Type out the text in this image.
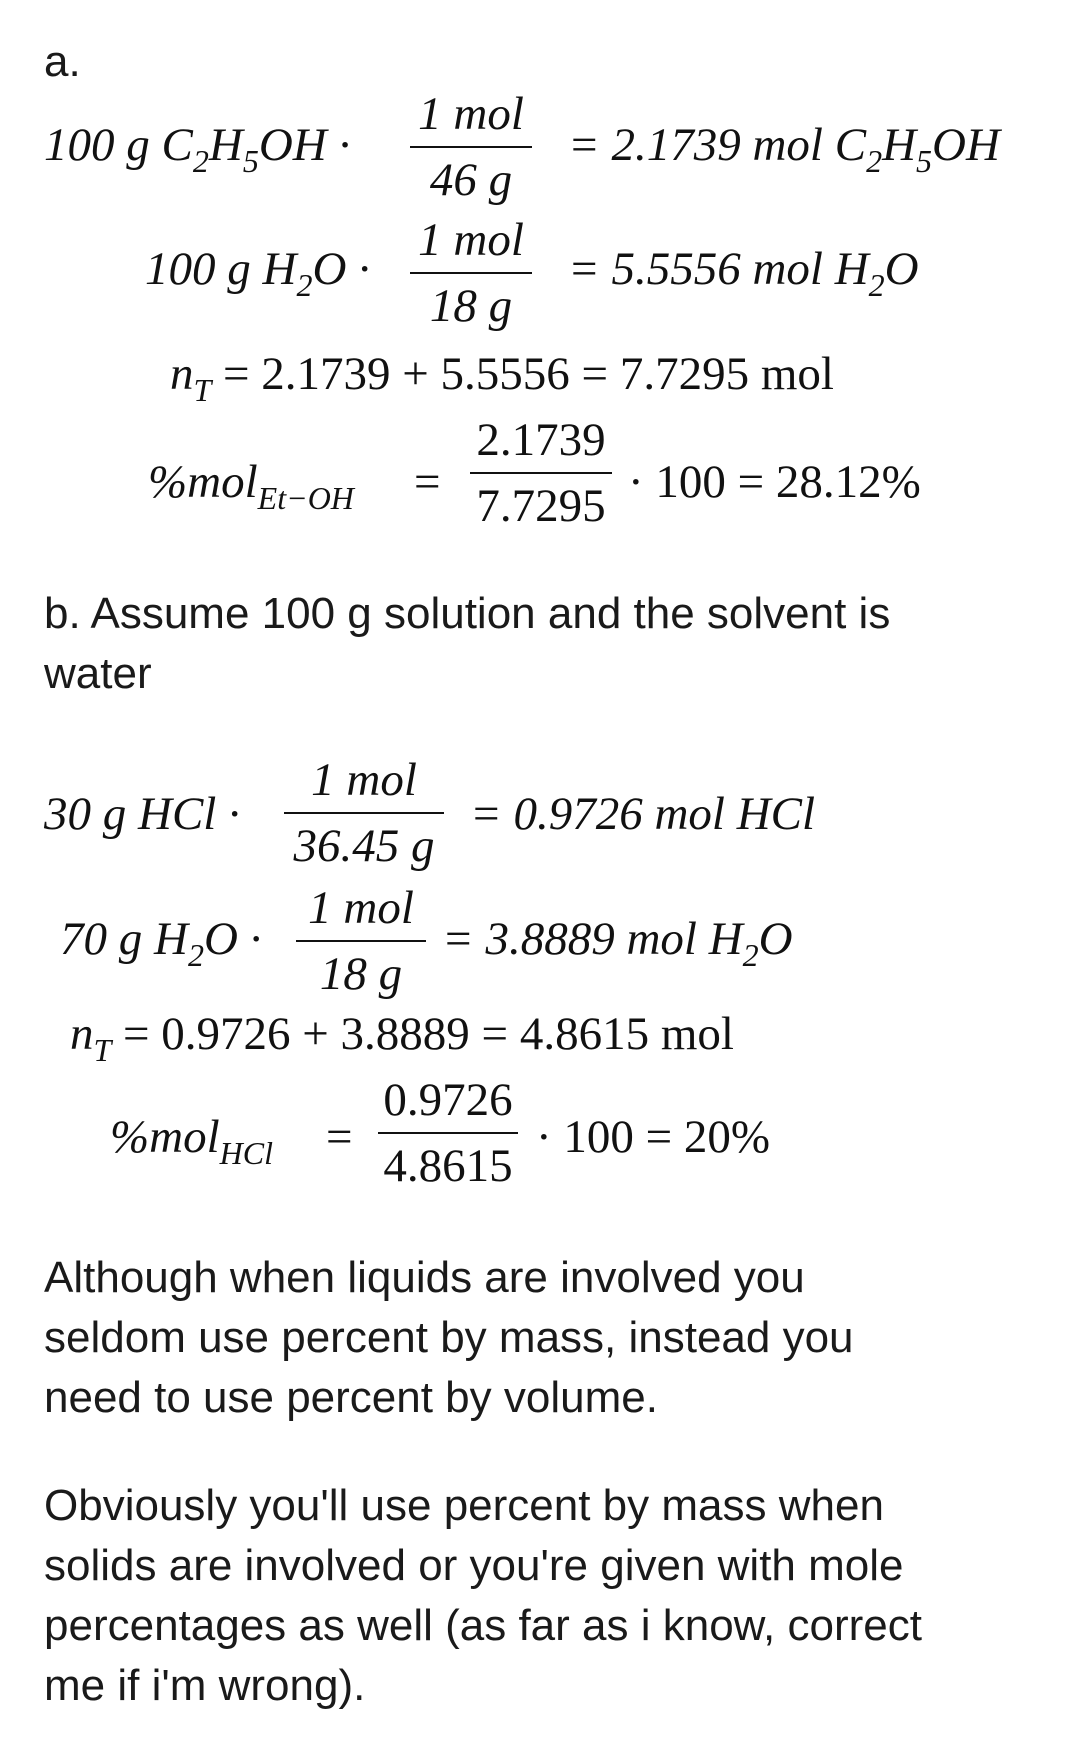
a.
100 g $C_2H_5OH$ ·
1 mol
46 g
= 2.1739 mol $C_2H_5OH$
100 g $H_2O$ ·
1 mol
18 g
= 5.5556 mol $H_2O$
$n_T = 2.1739 + 5.5556 = 7.7295$ mol
%mol$_{Et-OH}$ =
2.1739
7.7295 · 100 = 28.12%
b. Assume 100 g solution and the solvent is
water
30 g HCl ·
1 mol
36.45 g
= 0.9726 mol HCl
70 g $H_2O$ ·
1 mol
18 g
= 3.8889 mol $H_2O$
$n_T = 0.9726 + 3.8889 = 4.8615$ mol
%mol$_{HCl}$ =
0.9726
4.8615
· 100 = 20%
Although when liquids are involved you
seldom use percent by mass, instead you
need to use percent by volume.
Obviously you'll use percent by mass when
solids are involved or you're given with mole
percentages as well (as far as i know, correct
me if i'm wrong).
